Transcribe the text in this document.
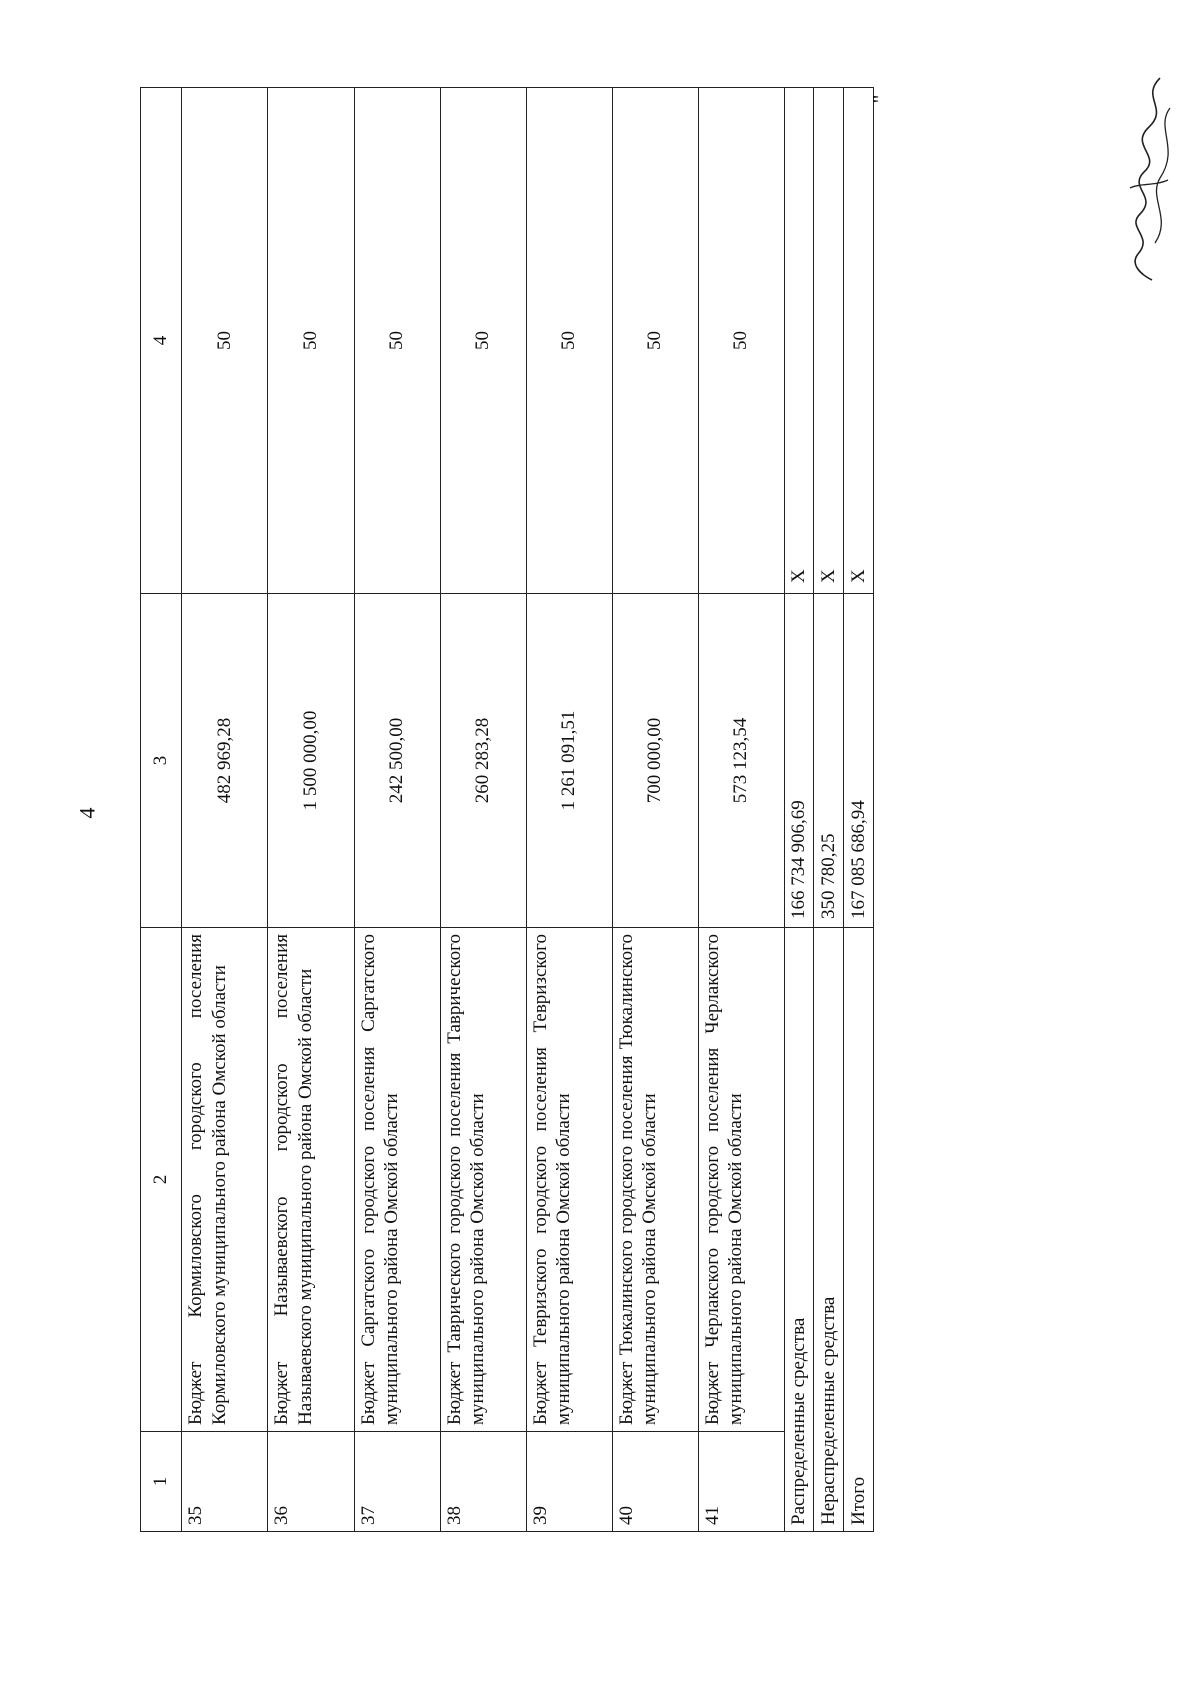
4
1	2	3	4
35	Бюджет Кормиловского городского поселения Кормиловского муниципального района Омской области	482 969,28	50
36	Бюджет Называевского городского поселения Называевского муниципального района Омской области	1 500 000,00	50
37	Бюджет Саргатского городского поселения Саргатского муниципального района Омской области	242 500,00	50
38	Бюджет Таврического городского поселения Таврического муниципального района Омской области	260 283,28	50
39	Бюджет Тевризского городского поселения Тевризского муниципального района Омской области	1 261 091,51	50
40	Бюджет Тюкалинского городского поселения Тюкалинского муниципального района Омской области	700 000,00	50
41	Бюджет Черлакского городского поселения Черлакского муниципального района Омской области	573 123,54	50
Распределенные средства		166 734 906,69	Х
Нераспределенные средства		350 780,25	Х
Итого		167 085 686,94	Х
"
